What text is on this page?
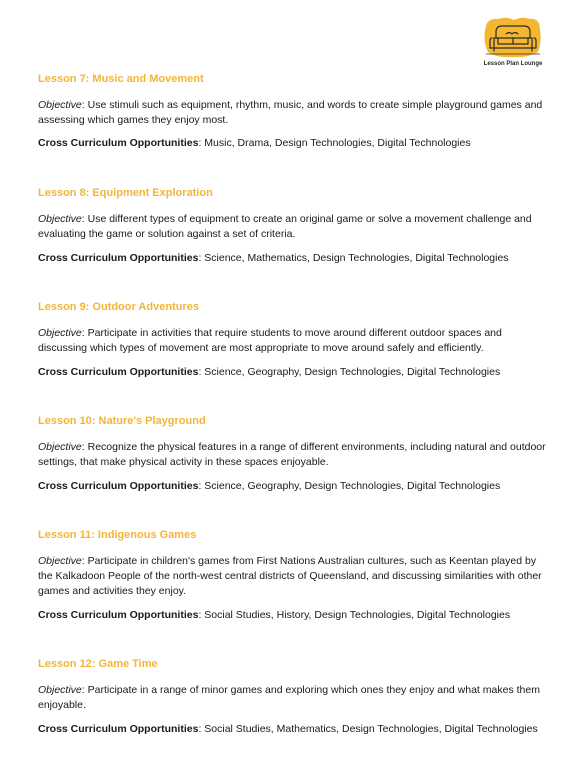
Lesson Plan Lounge
Lesson 7: Music and Movement

Objective: Use stimuli such as equipment, rhythm, music, and words to create simple playground games and assessing which games they enjoy most.

Cross Curriculum Opportunities: Music, Drama, Design Technologies, Digital Technologies

Lesson 8: Equipment Exploration

Objective: Use different types of equipment to create an original game or solve a movement challenge and evaluating the game or solution against a set of criteria.

Cross Curriculum Opportunities: Science, Mathematics, Design Technologies, Digital Technologies

Lesson 9: Outdoor Adventures

Objective: Participate in activities that require students to move around different outdoor spaces and discussing which types of movement are most appropriate to move around safely and efficiently.

Cross Curriculum Opportunities: Science, Geography, Design Technologies, Digital Technologies

Lesson 10: Nature's Playground

Objective: Recognize the physical features in a range of different environments, including natural and outdoor settings, that make physical activity in these spaces enjoyable.

Cross Curriculum Opportunities: Science, Geography, Design Technologies, Digital Technologies

Lesson 11: Indigenous Games

Objective: Participate in children's games from First Nations Australian cultures, such as Keentan played by the Kalkadoon People of the north-west central districts of Queensland, and discussing similarities with other games and activities they enjoy.

Cross Curriculum Opportunities: Social Studies, History, Design Technologies, Digital Technologies

Lesson 12: Game Time

Objective: Participate in a range of minor games and exploring which ones they enjoy and what makes them enjoyable.

Cross Curriculum Opportunities: Social Studies, Mathematics, Design Technologies, Digital Technologies
